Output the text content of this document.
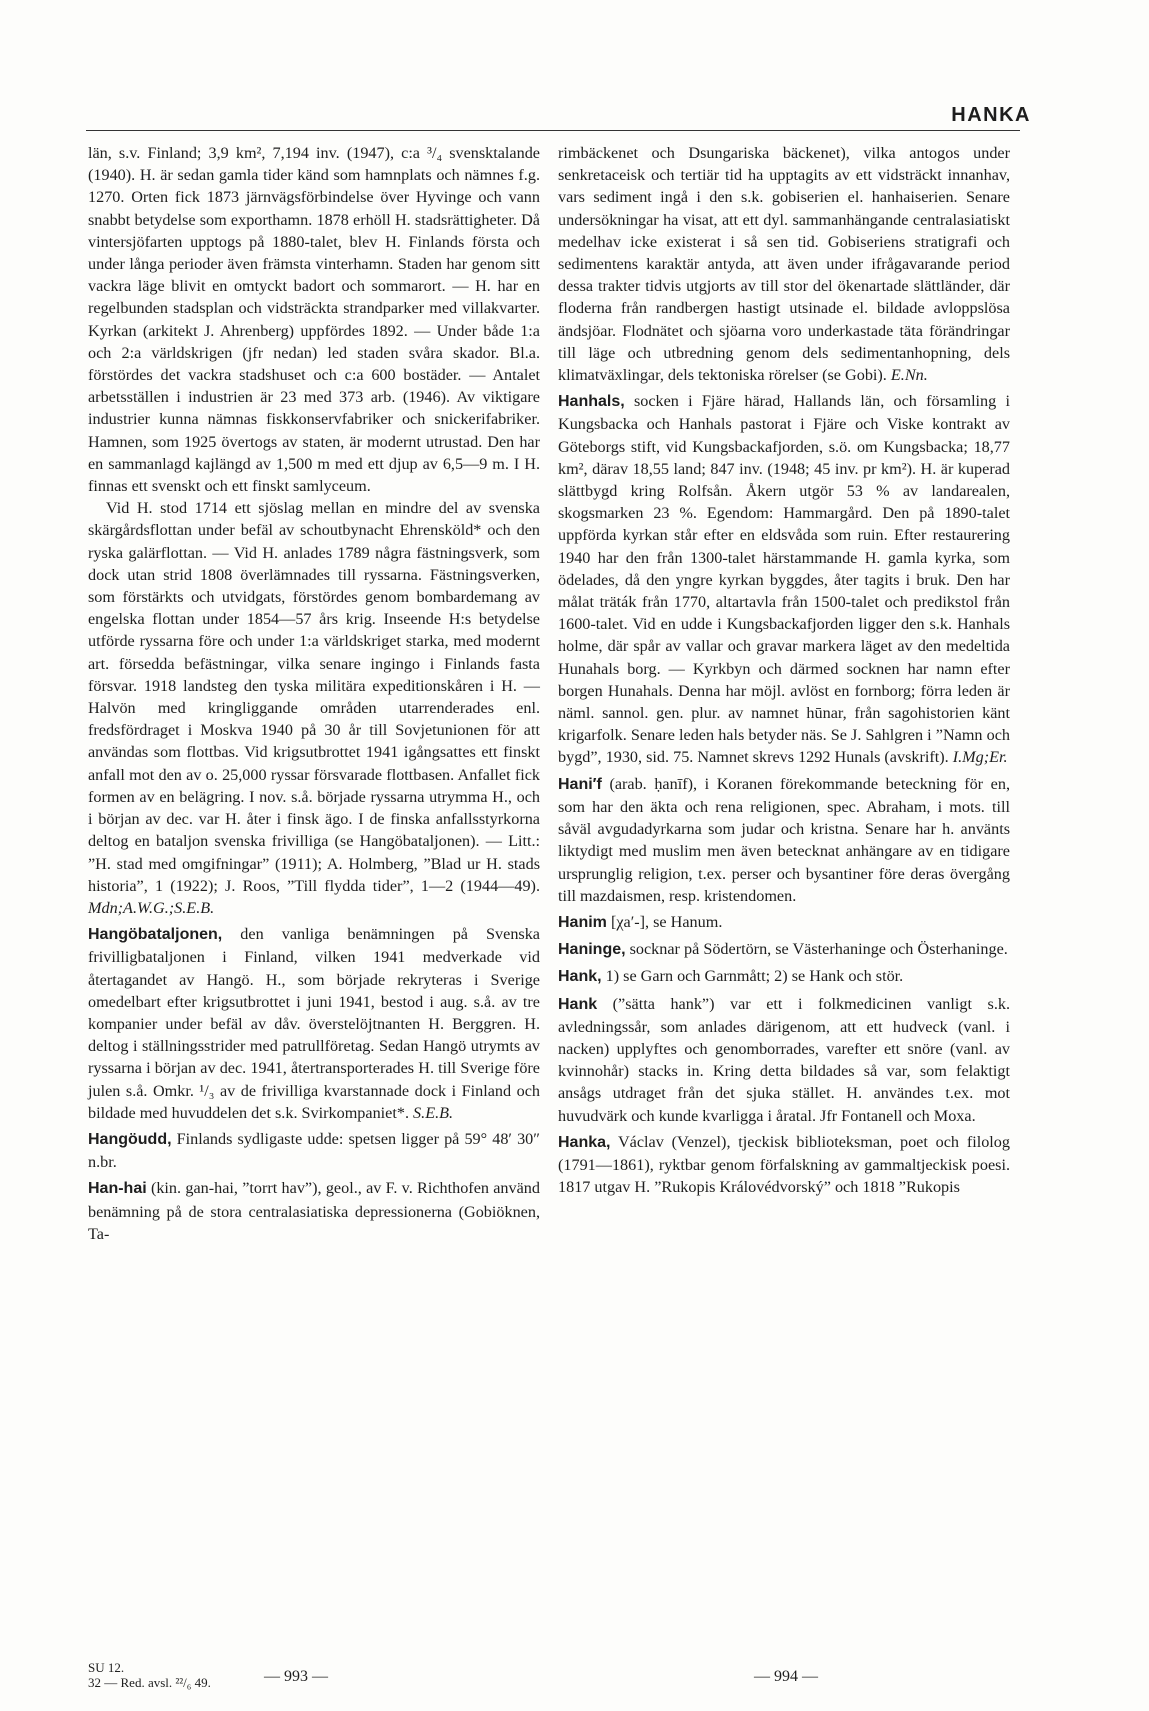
HANKA

län, s.v. Finland; 3,9 km², 7,194 inv. (1947), c:a ³/₄ svensktalande (1940). H. är sedan gamla tider känd som hamnplats och nämnes f.g. 1270. Orten fick 1873 järnvägsförbindelse över Hyvinge och vann snabbt betydelse som exporthamn. 1878 erhöll H. stadsrättigheter. Då vintersjöfarten upptogs på 1880-talet, blev H. Finlands första och under långa perioder även främsta vinterhamn. Staden har genom sitt vackra läge blivit en omtyckt badort och sommarort. — H. har en regelbunden stadsplan och vidsträckta strandparker med villakvarter. Kyrkan (arkitekt J. Ahrenberg) uppfördes 1892. — Under både 1:a och 2:a världskrigen (jfr nedan) led staden svåra skador. Bl.a. förstördes det vackra stadshuset och c:a 600 bostäder. — Antalet arbetsställen i industrien är 23 med 373 arb. (1946). Av viktigare industrier kunna nämnas fiskkonservfabriker och snickerifabriker. Hamnen, som 1925 övertogs av staten, är modernt utrustad. Den har en sammanlagd kajlängd av 1,500 m med ett djup av 6,5—9 m. I H. finnas ett svenskt och ett finskt samlyceum.

Vid H. stod 1714 ett sjöslag mellan en mindre del av svenska skärgårdsflottan under befäl av schoutbynacht Ehrensköld* och den ryska galärflottan. — Vid H. anlades 1789 några fästningsverk, som dock utan strid 1808 överlämnades till ryssarna. Fästningsverken, som förstärkts och utvidgats, förstördes genom bombardemang av engelska flottan under 1854—57 års krig. Inseende H:s betydelse utförde ryssarna före och under 1:a världskriget starka, med modernt art. försedda befästningar, vilka senare ingingo i Finlands fasta försvar. 1918 landsteg den tyska militära expeditionskåren i H. — Halvön med kringliggande områden utarrenderades enl. fredsfördraget i Moskva 1940 på 30 år till Sovjetunionen för att användas som flottbas. Vid krigsutbrottet 1941 igångsattes ett finskt anfall mot den av o. 25,000 ryssar försvarade flottbasen. Anfallet fick formen av en belägring. I nov. s.å. började ryssarna utrymma H., och i början av dec. var H. åter i finsk ägo. I de finska anfallsstyrkorna deltog en bataljon svenska frivilliga (se Hangöbataljonen). — Litt.: ”H. stad med omgifningar” (1911); A. Holmberg, ”Blad ur H. stads historia”, 1 (1922); J. Roos, ”Till flydda tider”, 1—2 (1944—49). Mdn;A.W.G.;S.E.B.

Hangöbataljonen, den vanliga benämningen på Svenska frivilligbataljonen i Finland, vilken 1941 medverkade vid återtagandet av Hangö. H., som började rekryteras i Sverige omedelbart efter krigsutbrottet i juni 1941, bestod i aug. s.å. av tre kompanier under befäl av dåv. överstelöjtnanten H. Berggren. H. deltog i ställningsstrider med patrullföretag. Sedan Hangö utrymts av ryssarna i början av dec. 1941, återtransporterades H. till Sverige före julen s.å. Omkr. ¹/₃ av de frivilliga kvarstannade dock i Finland och bildade med huvuddelen det s.k. Svirkompaniet*. S.E.B.

Hangöudd, Finlands sydligaste udde: spetsen ligger på 59° 48′ 30″ n.br.

Han-hai (kin. gan-hai, ”torrt hav”), geol., av F. v. Richthofen använd benämning på de stora centralasiatiska depressionerna (Gobiöknen, Ta-

rimbäckenet och Dsungariska bäckenet), vilka antogos under senkretaceisk och tertiär tid ha upptagits av ett vidsträckt innanhav, vars sediment ingå i den s.k. gobiserien el. hanhaiserien. Senare undersökningar ha visat, att ett dyl. sammanhängande centralasiatiskt medelhav icke existerat i så sen tid. Gobiseriens stratigrafi och sedimentens karaktär antyda, att även under ifrågavarande period dessa trakter tidvis utgjorts av till stor del ökenartade slättländer, där floderna från randbergen hastigt utsinade el. bildade avloppslösa ändsjöar. Flodnätet och sjöarna voro underkastade täta förändringar till läge och utbredning genom dels sedimentanhopning, dels klimatväxlingar, dels tektoniska rörelser (se Gobi). E.Nn.

Hanhals, socken i Fjäre härad, Hallands län, och församling i Kungsbacka och Hanhals pastorat i Fjäre och Viske kontrakt av Göteborgs stift, vid Kungsbackafjorden, s.ö. om Kungsbacka; 18,77 km², därav 18,55 land; 847 inv. (1948; 45 inv. pr km²). H. är kuperad slättbygd kring Rolfsån. Åkern utgör 53 % av landarealen, skogsmarken 23 %. Egendom: Hammargård. Den på 1890-talet uppförda kyrkan står efter en eldsvåda som ruin. Efter restaurering 1940 har den från 1300-talet härstammande H. gamla kyrka, som ödelades, då den yngre kyrkan byggdes, åter tagits i bruk. Den har målat träták från 1770, altartavla från 1500-talet och predikstol från 1600-talet. Vid en udde i Kungsbackafjorden ligger den s.k. Hanhals holme, där spår av vallar och gravar markera läget av den medeltida Hunahals borg. — Kyrkbyn och därmed socknen har namn efter borgen Hunahals. Denna har möjl. avlöst en fornborg; förra leden är näml. sannol. gen. plur. av namnet hūnar, från sagohistorien känt krigarfolk. Senare leden hals betyder näs. Se J. Sahlgren i ”Namn och bygd”, 1930, sid. 75. Namnet skrevs 1292 Hunals (avskrift). I.Mg;Er.

Hani′f (arab. ḥanīf), i Koranen förekommande beteckning för en, som har den äkta och rena religionen, spec. Abraham, i mots. till såväl avgudadyrkarna som judar och kristna. Senare har h. använts liktydigt med muslim men även betecknat anhängare av en tidigare ursprunglig religion, t.ex. perser och bysantiner före deras övergång till mazdaismen, resp. kristendomen.

Hanim [χa′-], se Hanum.

Haninge, socknar på Södertörn, se Västerhaninge och Österhaninge.

Hank, 1) se Garn och Garnmått; 2) se Hank och stör.

Hank (”sätta hank”) var ett i folkmedicinen vanligt s.k. avledningssår, som anlades därigenom, att ett hudveck (vanl. i nacken) upplyftes och genomborrades, varefter ett snöre (vanl. av kvinnohår) stacks in. Kring detta bildades så var, som felaktigt ansågs utdraget från det sjuka stället. H. användes t.ex. mot huvudvärk och kunde kvarligga i åratal. Jfr Fontanell och Moxa.

Hanka, Václav (Venzel), tjeckisk biblioteksman, poet och filolog (1791—1861), ryktbar genom förfalskning av gammaltjeckisk poesi. 1817 utgav H. ”Rukopis Královédvorský” och 1818 ”Rukopis

SU 12.
32 — Red. avsl. ²²/₆ 49.	— 993 —	— 994 —
